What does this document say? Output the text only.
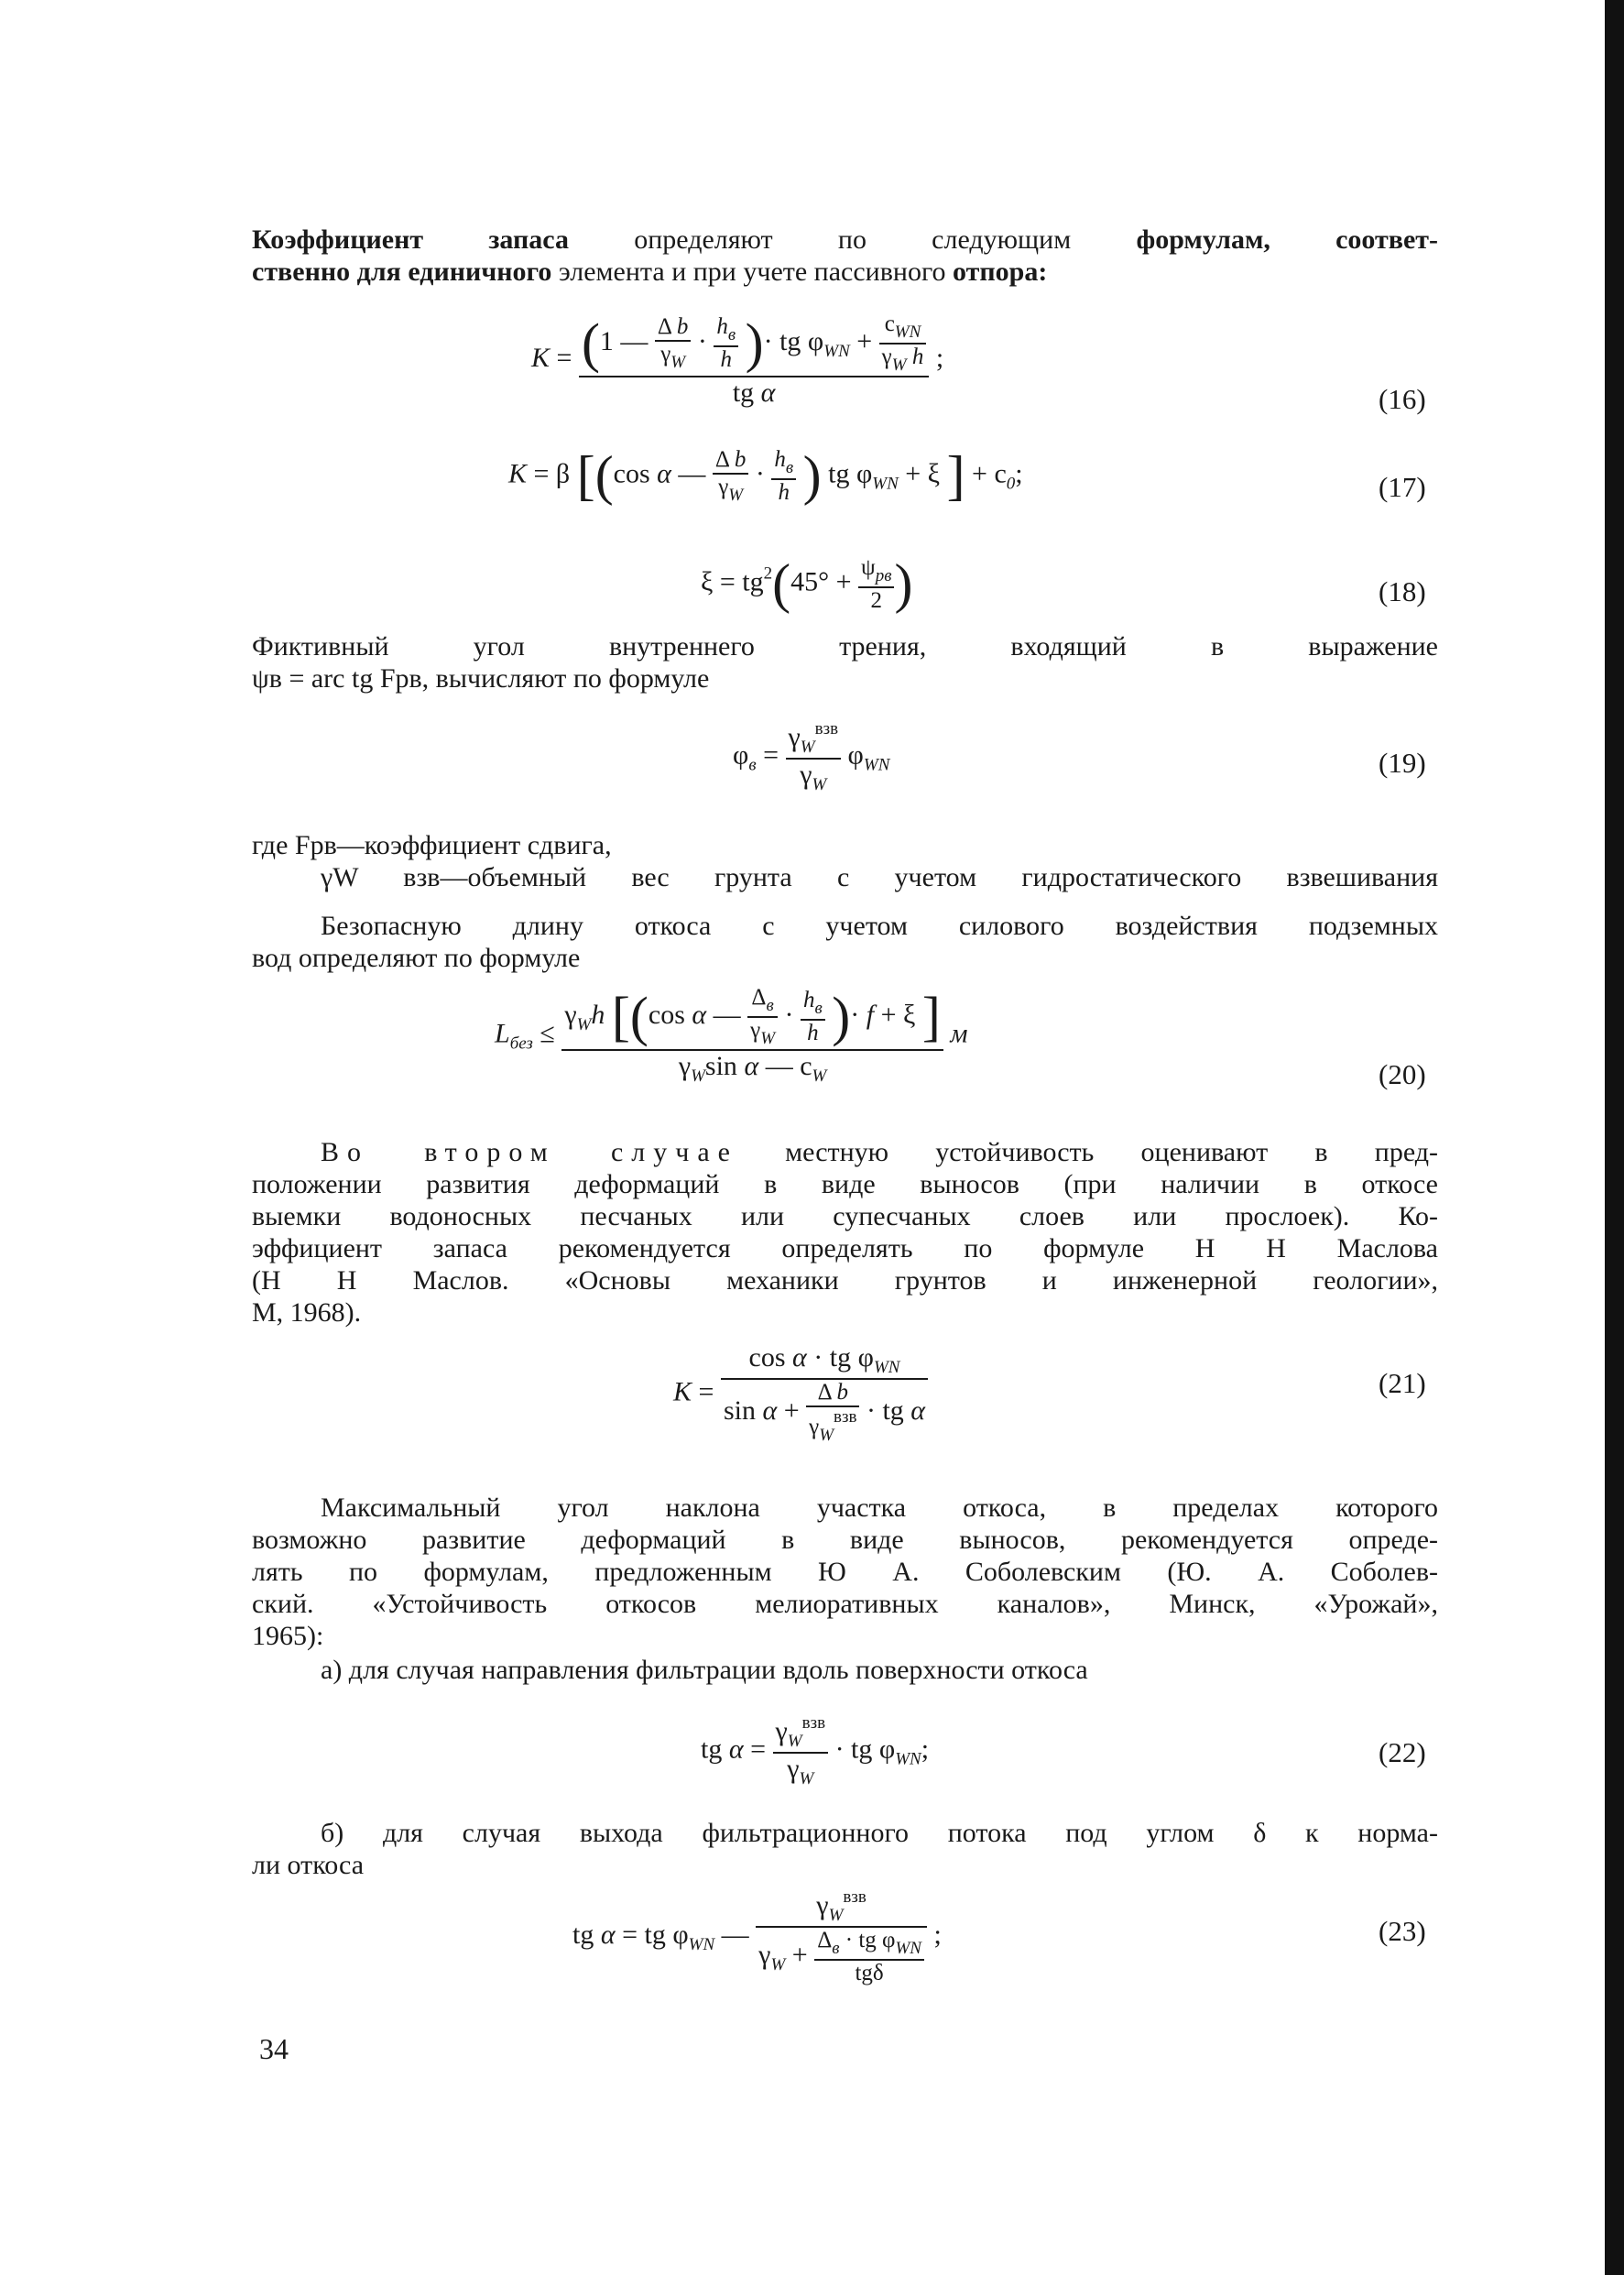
Коэффициент запаса определяют по следующим формулам, соответ-
ственно для единичного элемента и при учете пассивного отпора:
K = (1 — $\frac{\text{Δ b}}{\gamma_W} \cdot \frac{h_в}{h}$ )· tg $\varphi_{WN} + \frac{c_{WN}}{\gamma_W h}$
tg α
;
(16)
K = β [(cos α — $\frac{\text{Δ b}}{\gamma_W} \cdot \frac{h_в}{h}$ ) tg $\varphi_{WN} + \xi$ ] + $c_0$;	(17)
$\xi = tg^2(45^\circ + \frac{\psi_{рв}}{2}$ )	(18)
Фиктивный угол внутреннего трения, входящий в выражение
ψв = arc tg Fрв, вычисляют по формуле
$\varphi_в = \frac{\gamma_W^{взв}}{\gamma_W} \varphi_{WN}$	(19)
где Fрв—коэффициент сдвига,
γW взв—объемный вес грунта с учетом гидростатического взвешивания
Безопасную длину откоса с учетом силового воздействия подземных
вод определяют по формуле
$L_{без}$ ≤
$\gamma_Wh$ [(cos α — $\frac{\Delta_в}{\gamma_W} \cdot \frac{h_в}{h}$ )· f + ξ ]
$\gamma_W\sin$ α — $c_W$
м
(20)
Во втором случае местную устойчивость оценивают в пред-
положении развития деформаций в виде выносов (при наличии в откосе
выемки водоносных песчаных или супесчаных слоев или прослоек). Ко-
эффициент запаса рекомендуется определять по формуле Н Н Маслова
(Н Н Маслов. «Основы механики грунтов и инженерной геологии»,
М, 1968).
$K = \frac{\cos \alpha \cdot tg \varphi_{WN}}{\sin \alpha + \frac{\text{Δ b}}{\gamma_W^{взв}} \cdot tg \alpha}$	(21)
Максимальный угол наклона участка откоса, в пределах которого
возможно развитие деформаций в виде выносов, рекомендуется опреде-
лять по формулам, предложенным Ю А. Соболевским (Ю. А. Соболев-
ский. «Устойчивость откосов мелиоративных каналов», Минск, «Урожай»,
1965):
а) для случая направления фильтрации вдоль поверхности откоса
tg $\alpha = \frac{\gamma_W^{взв}}{\gamma_W}$ · tg $\varphi_{WN}$;	(22)
б) для случая выхода фильтрационного потока под углом δ к норма-
ли откоса
tg α = tg $\varphi_{WN}$ — $\frac{\gamma_W^{взв}}{\gamma_W + \frac{\Delta_в \cdot tg \varphi_{WN}}{\text{tgδ}}}$ ;	(23)
34
